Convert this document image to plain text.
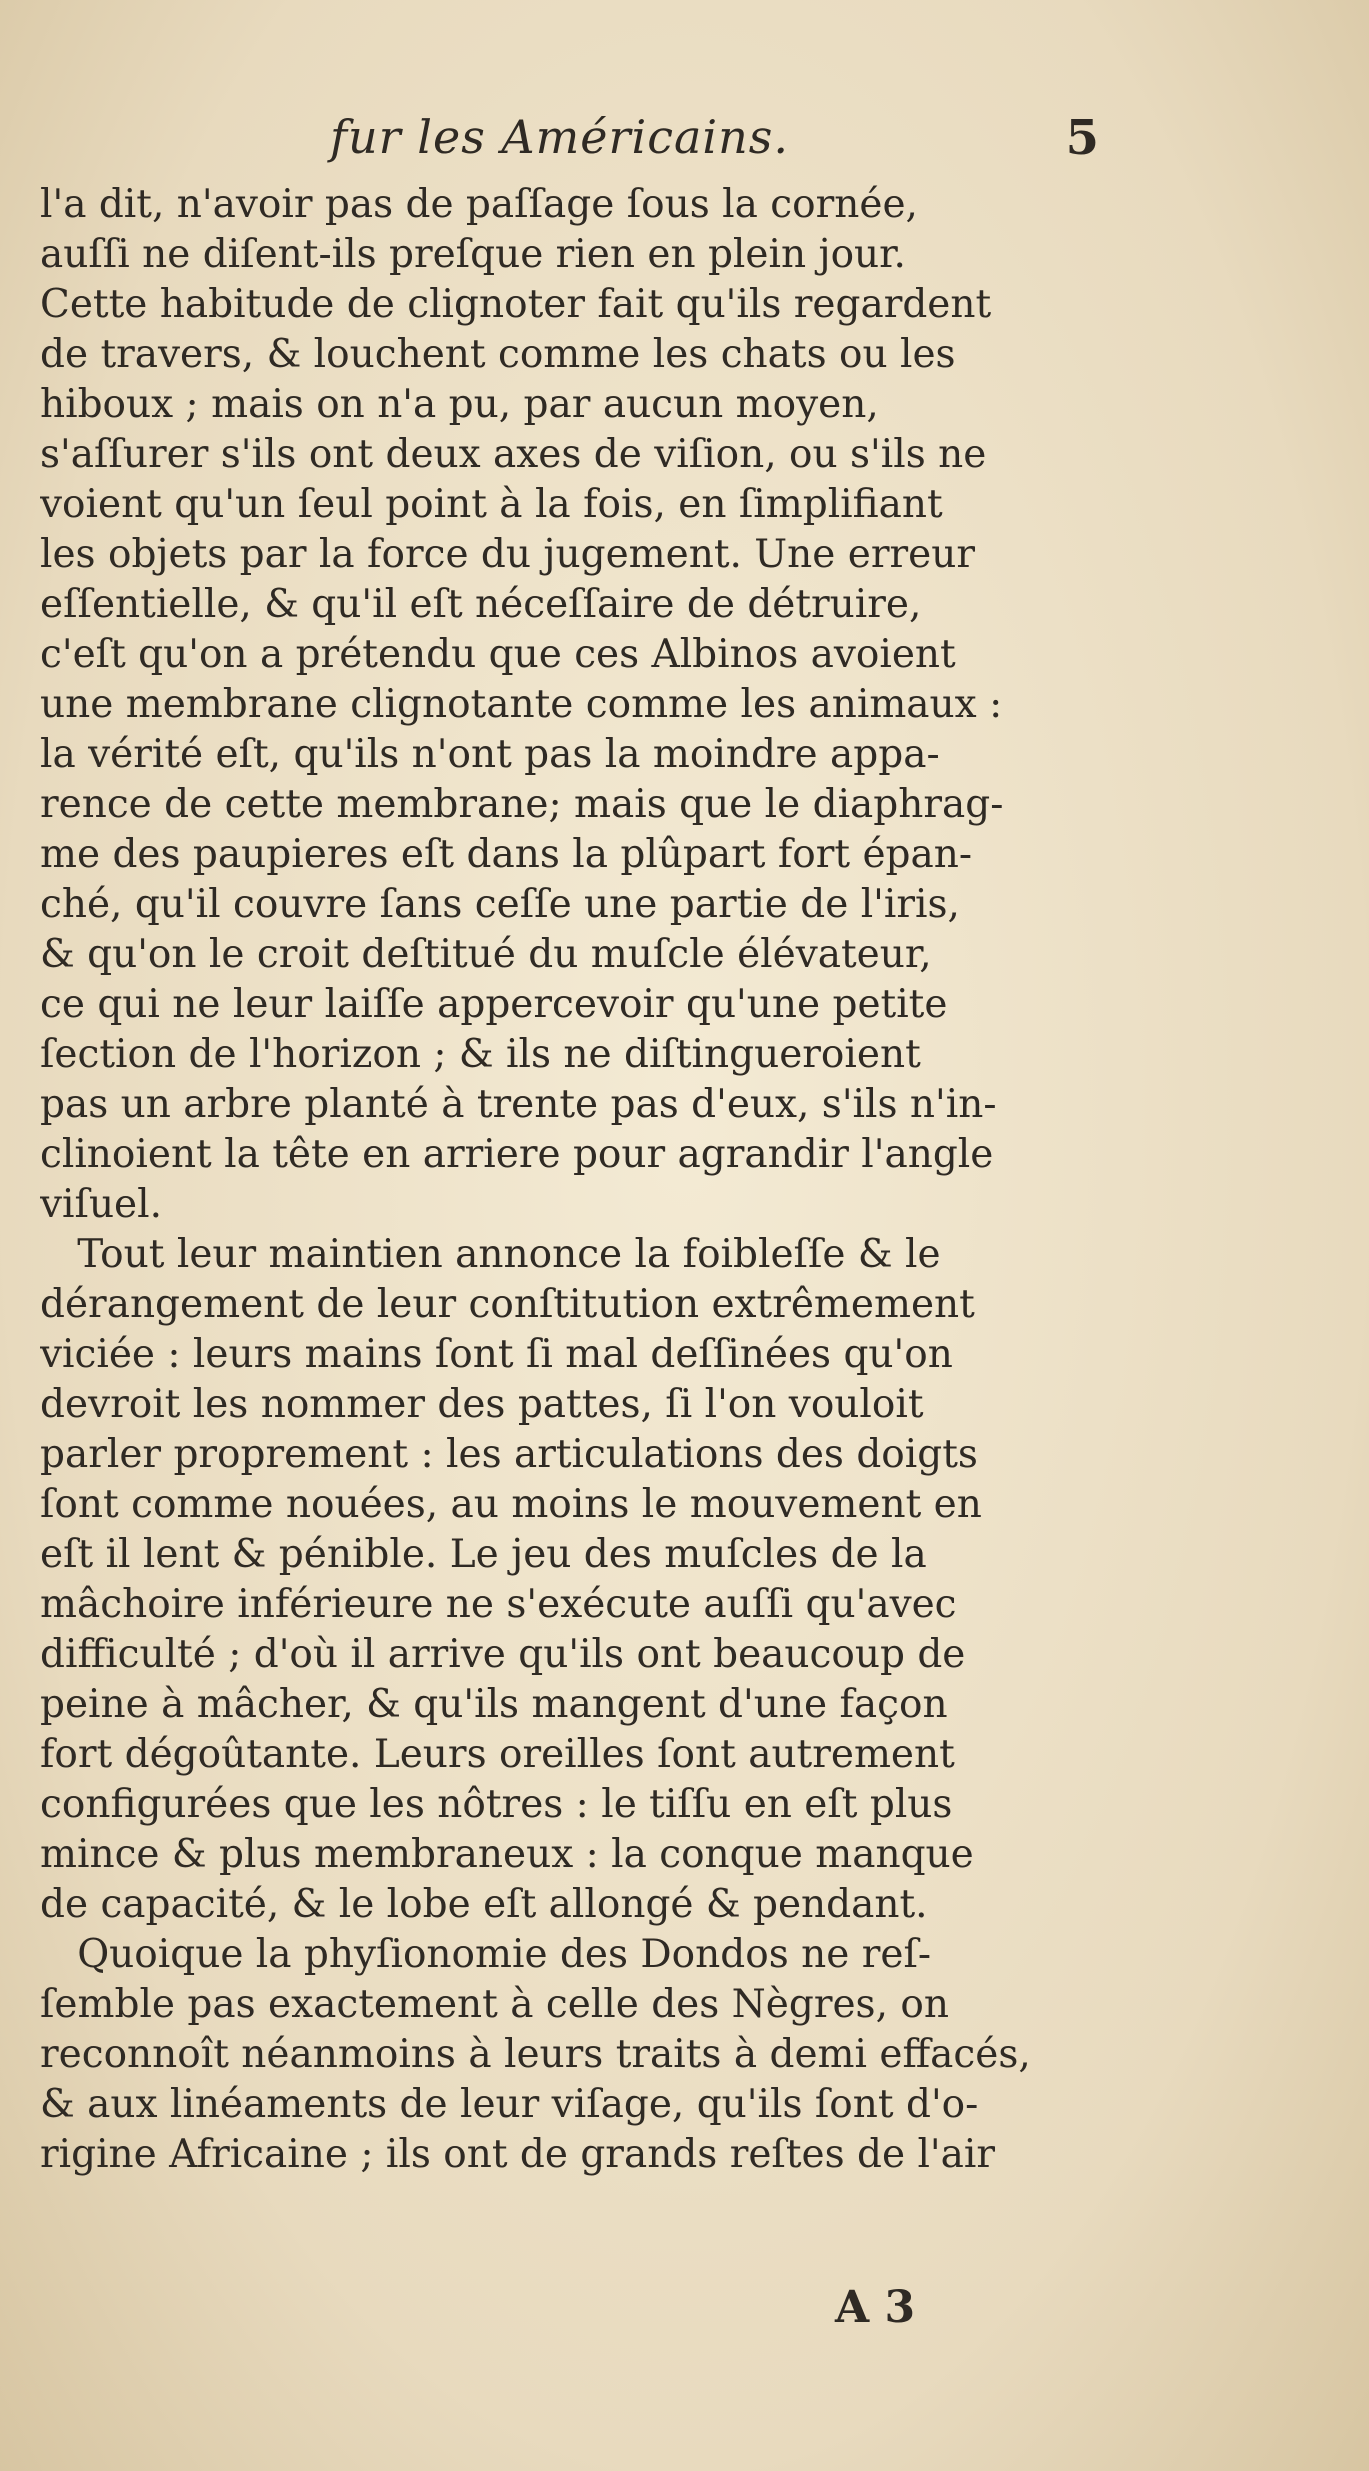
fur les Américains.	5
l'a dit, n'avoir pas de paſſage ſous la cornée,
auſſi ne diſent-ils preſque rien en plein jour.
Cette habitude de clignoter fait qu'ils regardent
de travers, & louchent comme les chats ou les
hiboux ; mais on n'a pu, par aucun moyen,
s'aſſurer s'ils ont deux axes de viſion, ou s'ils ne
voient qu'un ſeul point à la fois, en ſimplifiant
les objets par la force du jugement. Une erreur
eſſentielle, & qu'il eſt néceſſaire de détruire,
c'eſt qu'on a prétendu que ces Albinos avoient
une membrane clignotante comme les animaux :
la vérité eſt, qu'ils n'ont pas la moindre appa-
rence de cette membrane; mais que le diaphrag-
me des paupieres eſt dans la plûpart fort épan-
ché, qu'il couvre ſans ceſſe une partie de l'iris,
& qu'on le croit deſtitué du muſcle élévateur,
ce qui ne leur laiſſe appercevoir qu'une petite
ſection de l'horizon ; & ils ne diſtingueroient
pas un arbre planté à trente pas d'eux, s'ils n'in-
clinoient la tête en arriere pour agrandir l'angle
viſuel.
Tout leur maintien annonce la foibleſſe & le
dérangement de leur conſtitution extrêmement
viciée : leurs mains ſont ſi mal deſſinées qu'on
devroit les nommer des pattes, ſi l'on vouloit
parler proprement : les articulations des doigts
ſont comme nouées, au moins le mouvement en
eſt il lent & pénible. Le jeu des muſcles de la
mâchoire inférieure ne s'exécute auſſi qu'avec
difficulté ; d'où il arrive qu'ils ont beaucoup de
peine à mâcher, & qu'ils mangent d'une façon
fort dégoûtante. Leurs oreilles ſont autrement
configurées que les nôtres : le tiſſu en eſt plus
mince & plus membraneux : la conque manque
de capacité, & le lobe eſt allongé & pendant.
Quoique la phyſionomie des Dondos ne reſ-
ſemble pas exactement à celle des Nègres, on
reconnoît néanmoins à leurs traits à demi effacés,
& aux linéaments de leur viſage, qu'ils ſont d'o-
rigine Africaine ; ils ont de grands reſtes de l'air
A 3
